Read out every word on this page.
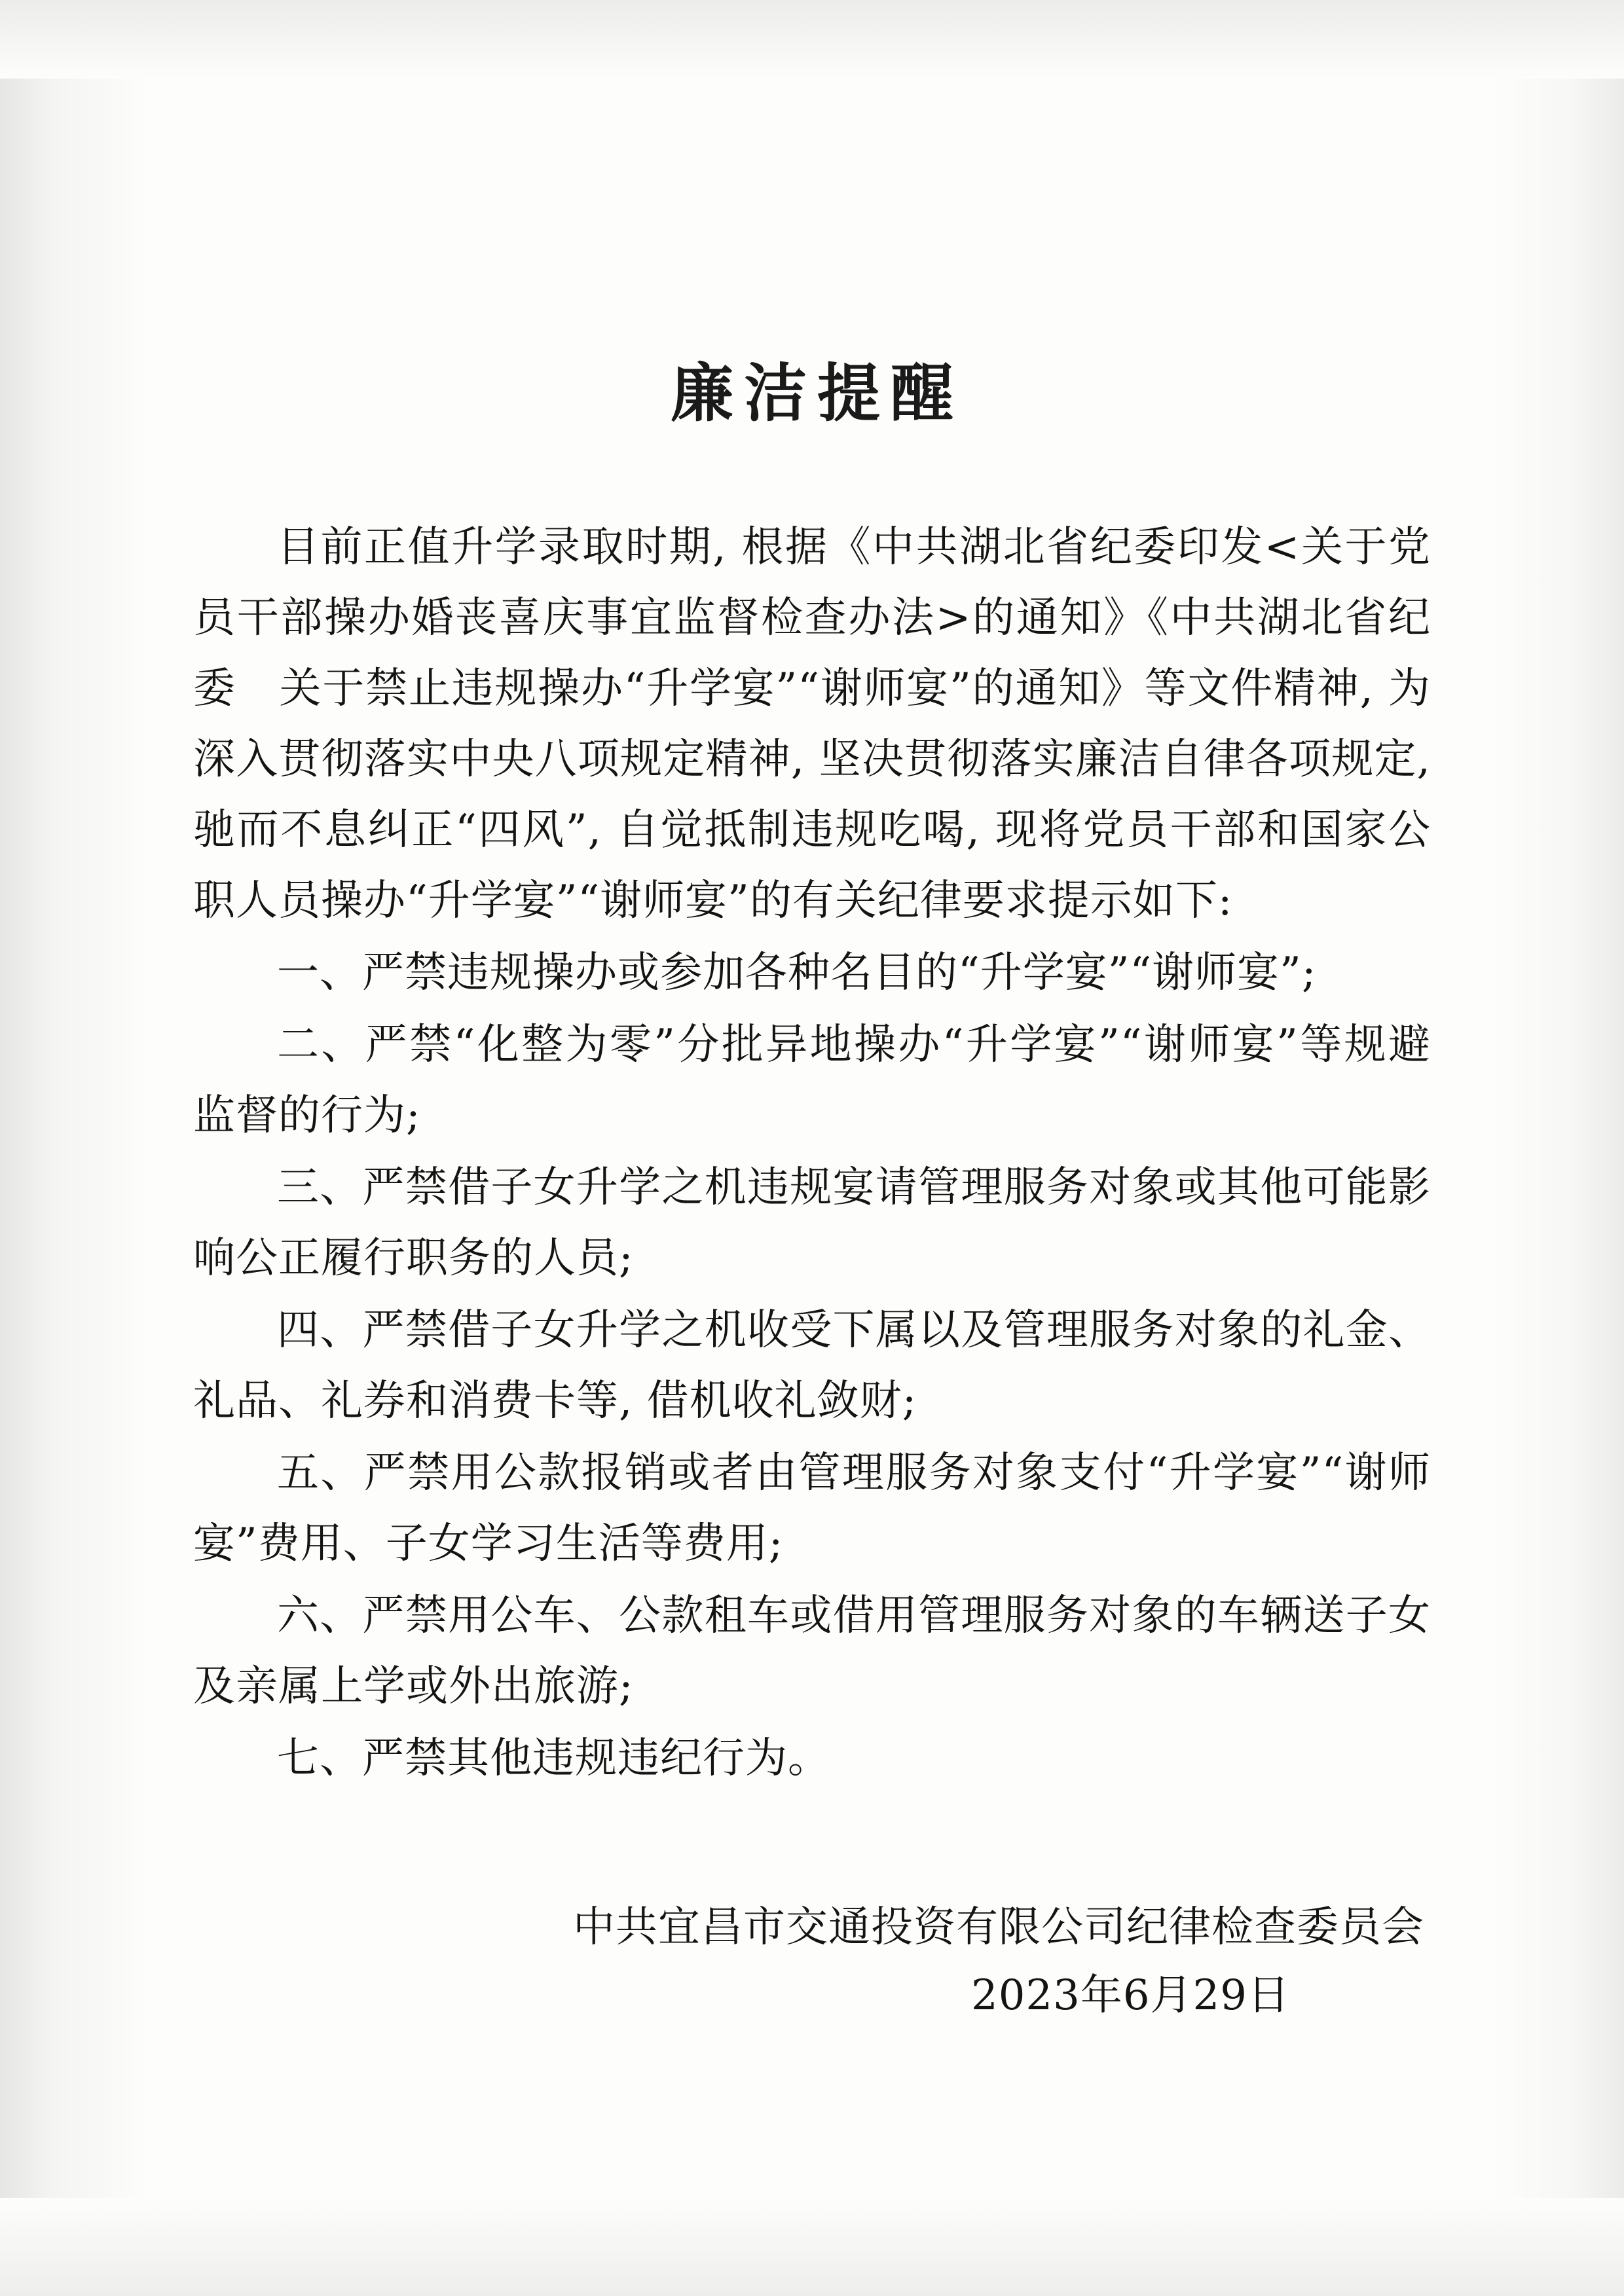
廉洁提醒

目前正值升学录取时期, 根据《中共湖北省纪委印发<关于党员干部操办婚丧喜庆事宜监督检查办法>的通知》《中共湖北省纪委　关于禁止违规操办“升学宴”“谢师宴”的通知》等文件精神, 为深入贯彻落实中央八项规定精神, 坚决贯彻落实廉洁自律各项规定, 驰而不息纠正“四风”, 自觉抵制违规吃喝, 现将党员干部和国家公职人员操办“升学宴”“谢师宴”的有关纪律要求提示如下:

一、严禁违规操办或参加各种名目的“升学宴”“谢师宴”;

二、严禁“化整为零”分批异地操办“升学宴”“谢师宴”等规避监督的行为;

三、严禁借子女升学之机违规宴请管理服务对象或其他可能影响公正履行职务的人员;

四、严禁借子女升学之机收受下属以及管理服务对象的礼金、礼品、礼券和消费卡等, 借机收礼敛财;

五、严禁用公款报销或者由管理服务对象支付“升学宴”“谢师宴”费用、子女学习生活等费用;

六、严禁用公车、公款租车或借用管理服务对象的车辆送子女及亲属上学或外出旅游;

七、严禁其他违规违纪行为。

中共宜昌市交通投资有限公司纪律检查委员会
2023年6月29日
